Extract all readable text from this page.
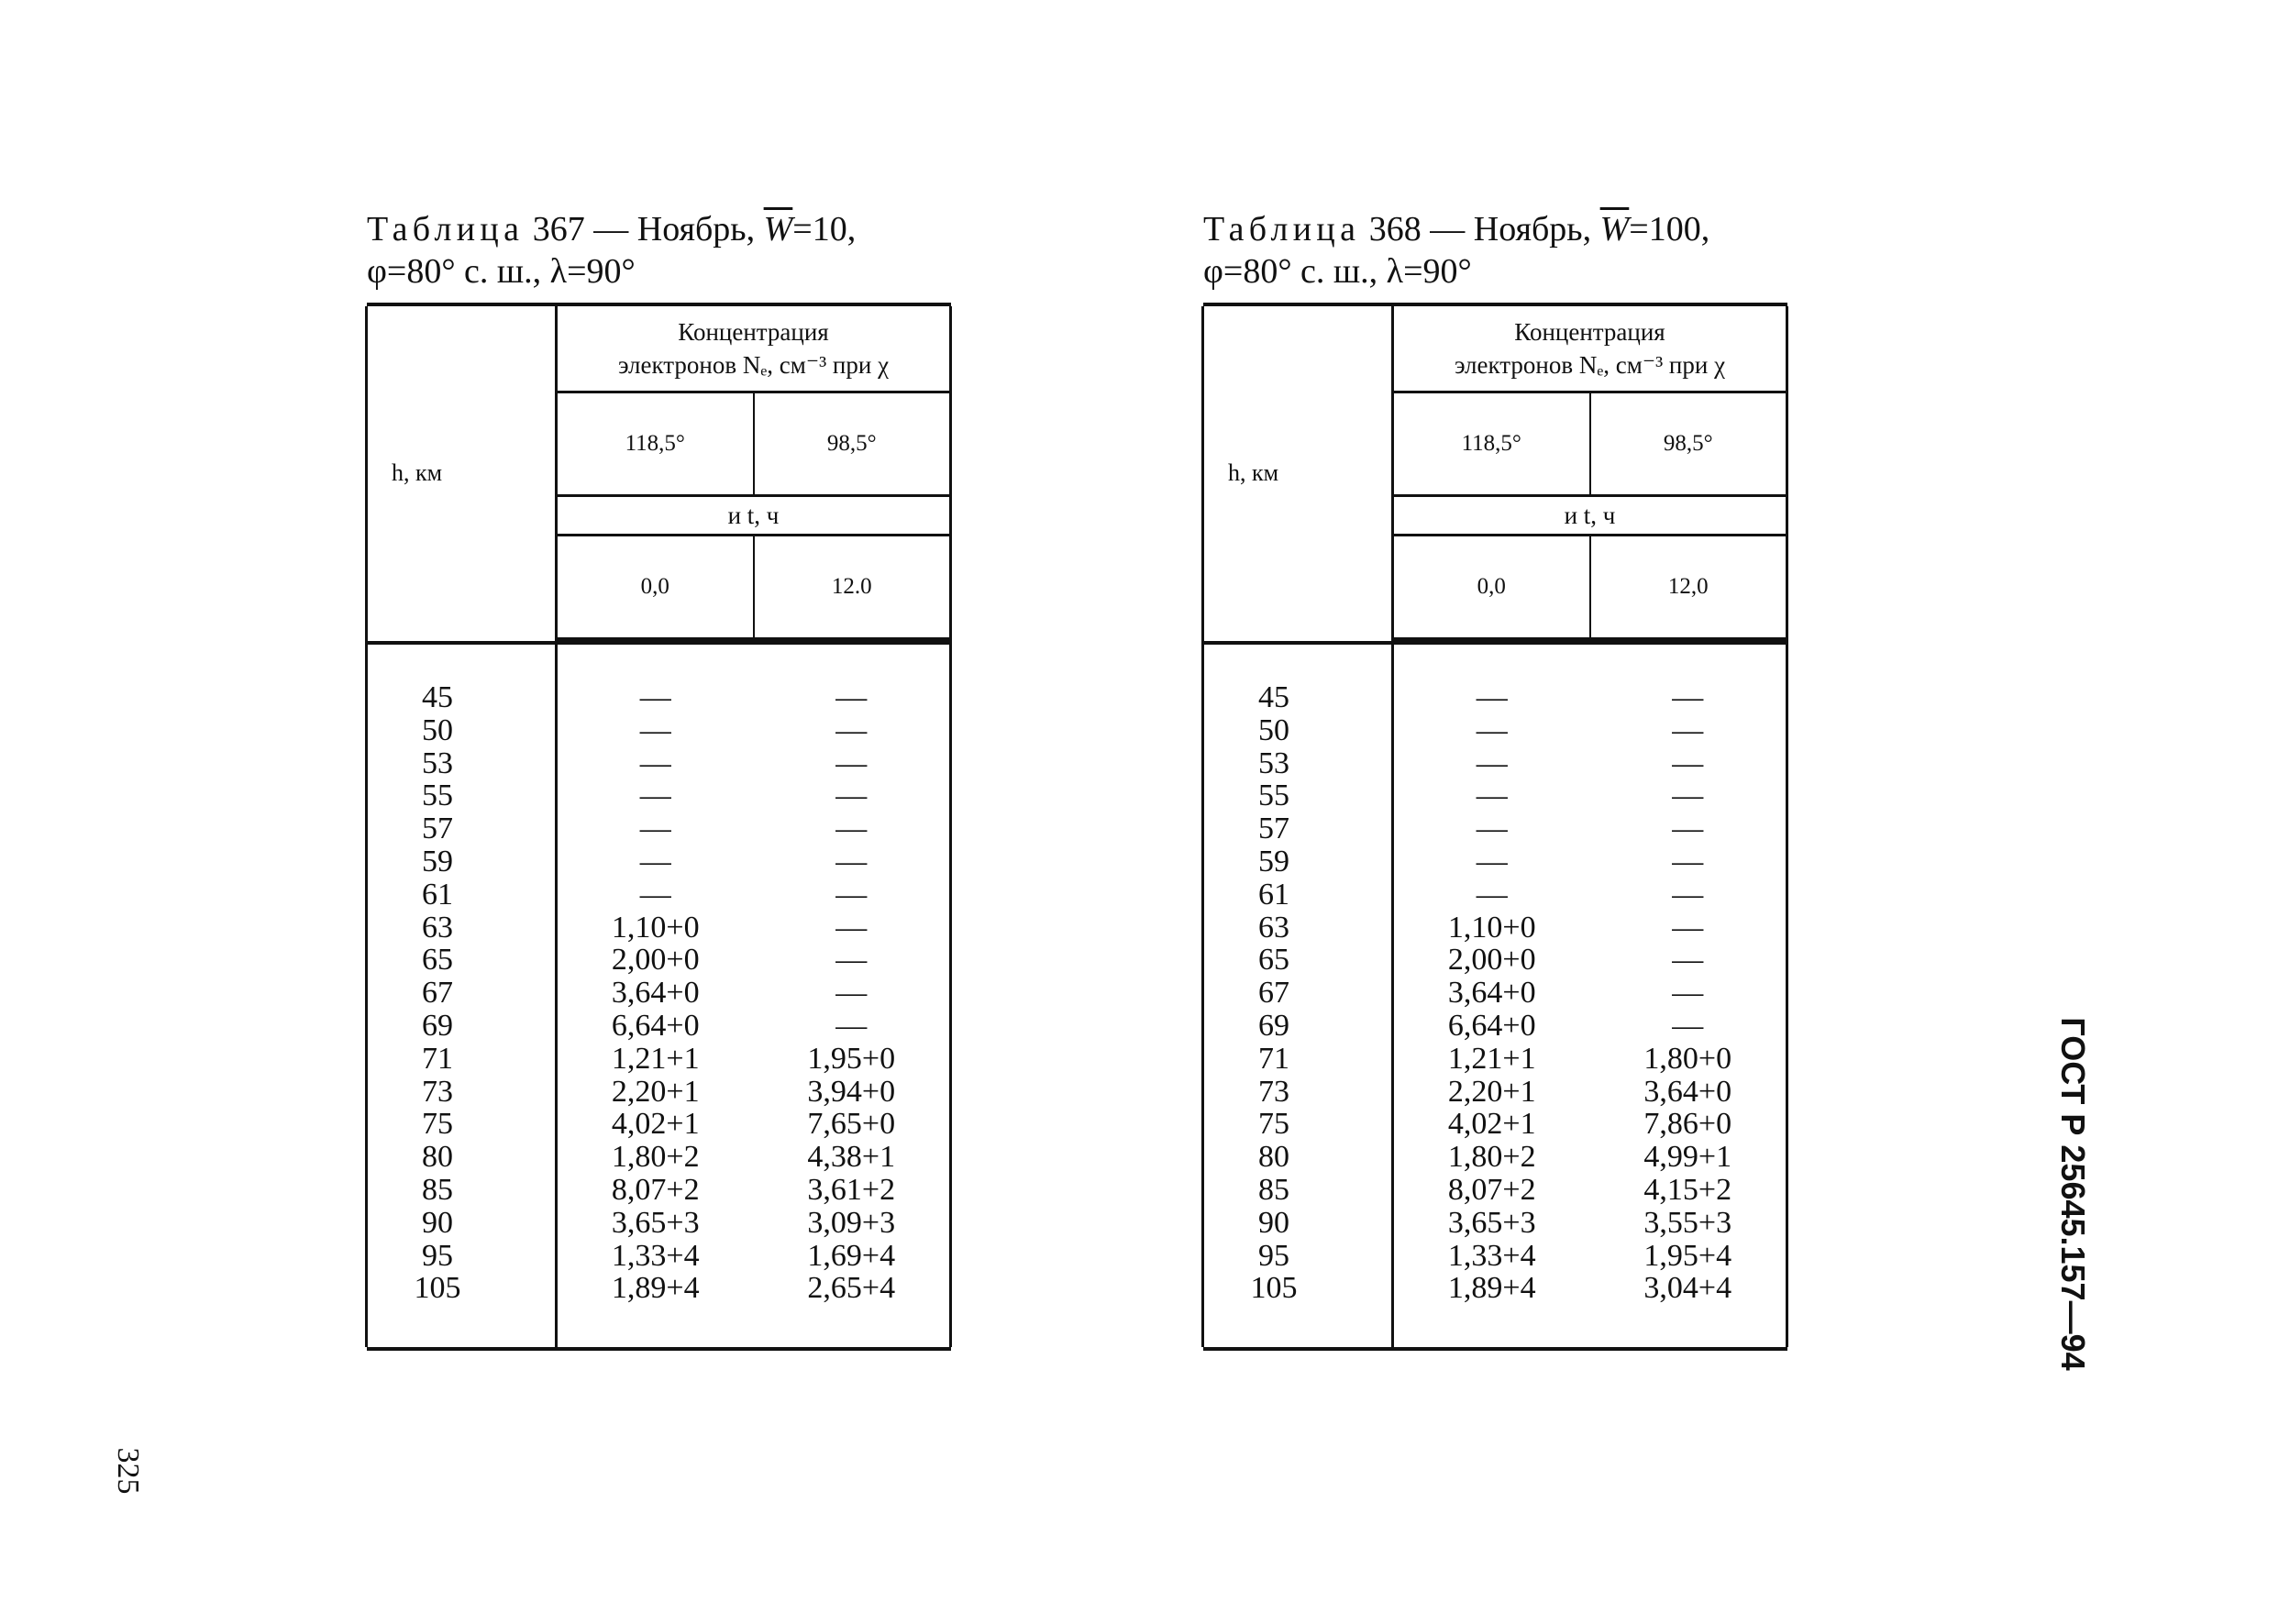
Таблица 367 — Ноябрь, $\overline{W}=10$,
φ=80° с. ш., λ=90°

h, км	Концентрация
электронов Nₑ, см⁻³ при χ	

	118,5°	98,5°
	и t, ч	
	0,0	12.0

45	—	—
50	—	—
53	—	—
55	—	—
57	—	—
59	—	—
61	—	—
63	1,10+0	—
65	2,00+0	—
67	3,64+0	—
69	6,64+0	—
71	1,21+1	1,95+0
73	2,20+1	3,94+0
75	4,02+1	7,65+0
80	1,80+2	4,38+1
85	8,07+2	3,61+2
90	3,65+3	3,09+3
95	1,33+4	1,69+4
105	1,89+4	2,65+4

Таблица 368 — Ноябрь, $\overline{W}=100$,
φ=80° с. ш., λ=90°

h, км	Концентрация
электронов Nₑ, см⁻³ при χ	

	118,5°	98,5°
	и t, ч	
	0,0	12,0

45	—	—
50	—	—
53	—	—
55	—	—
57	—	—
59	—	—
61	—	—
63	1,10+0	—
65	2,00+0	—
67	3,64+0	—
69	6,64+0	—
71	1,21+1	1,80+0
73	2,20+1	3,64+0
75	4,02+1	7,86+0
80	1,80+2	4,99+1
85	8,07+2	4,15+2
90	3,65+3	3,55+3
95	1,33+4	1,95+4
105	1,89+4	3,04+4

325
ГОСТ Р 25645.157—94
